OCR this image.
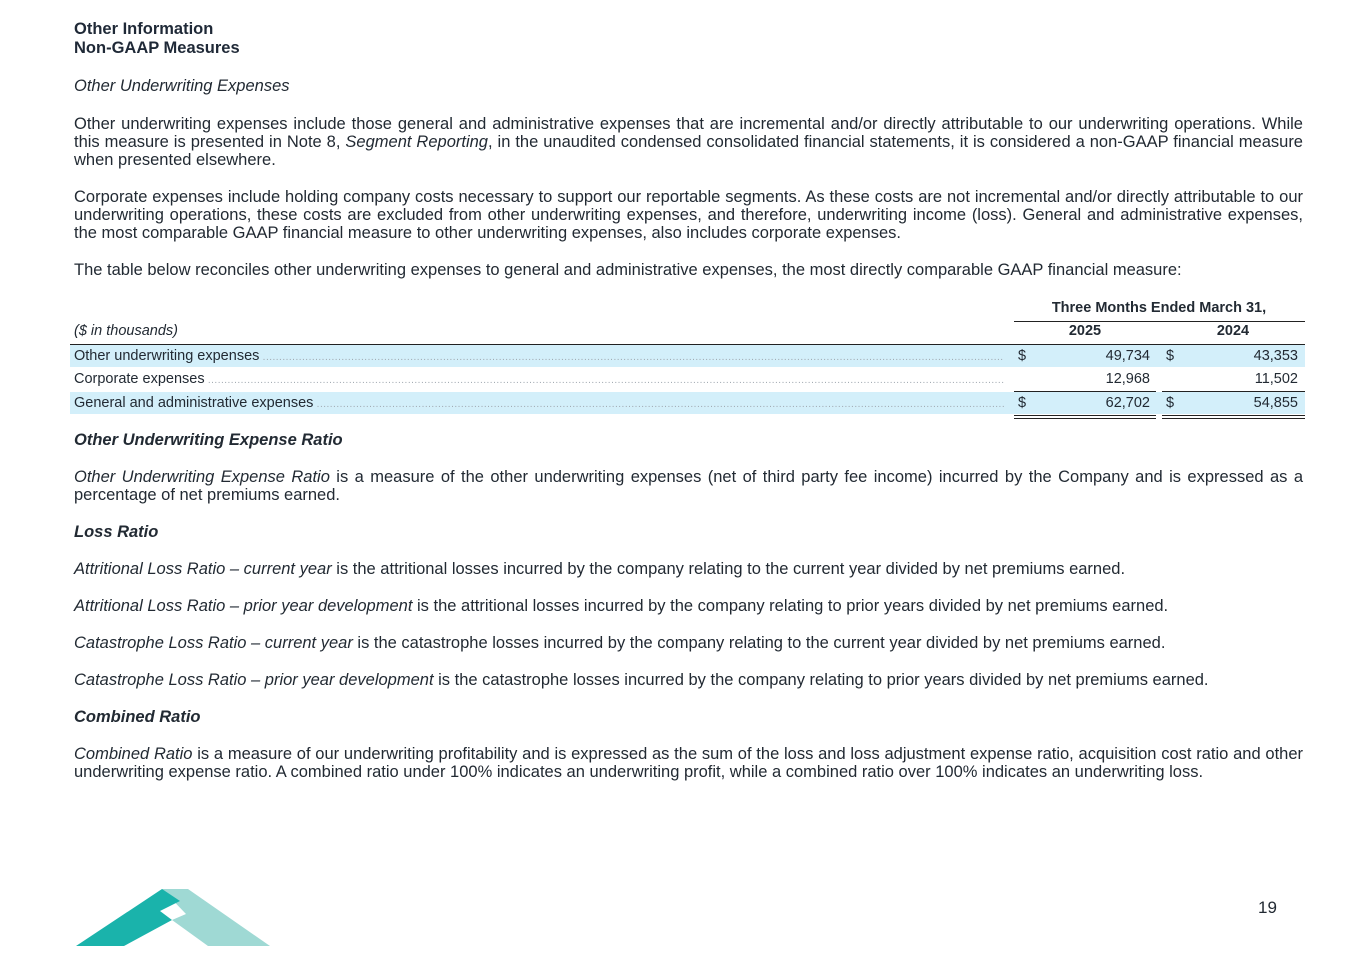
Other Information
Non-GAAP Measures

Other Underwriting Expenses

Other underwriting expenses include those general and administrative expenses that are incremental and/or directly attributable to our underwriting operations. While this measure is presented in Note 8, Segment Reporting, in the unaudited condensed consolidated financial statements, it is considered a non-GAAP financial measure when presented elsewhere.

Corporate expenses include holding company costs necessary to support our reportable segments. As these costs are not incremental and/or directly attributable to our underwriting operations, these costs are excluded from other underwriting expenses, and therefore, underwriting income (loss). General and administrative expenses, the most comparable GAAP financial measure to other underwriting expenses, also includes corporate expenses.

The table below reconciles other underwriting expenses to general and administrative expenses, the most directly comparable GAAP financial measure:

Three Months Ended March 31,
($ in thousands)	2025	2024
Other underwriting expenses .....	$	49,734 $	43,353
Corporate expenses .....	12,968	11,502
General and administrative expenses .....	$	62,702 $	54,855

Other Underwriting Expense Ratio

Other Underwriting Expense Ratio is a measure of the other underwriting expenses (net of third party fee income) incurred by the Company and is expressed as a percentage of net premiums earned.

Loss Ratio

Attritional Loss Ratio – current year is the attritional losses incurred by the company relating to the current year divided by net premiums earned.

Attritional Loss Ratio – prior year development is the attritional losses incurred by the company relating to prior years divided by net premiums earned.

Catastrophe Loss Ratio – current year is the catastrophe losses incurred by the company relating to the current year divided by net premiums earned.

Catastrophe Loss Ratio – prior year development is the catastrophe losses incurred by the company relating to prior years divided by net premiums earned.

Combined Ratio

Combined Ratio is a measure of our underwriting profitability and is expressed as the sum of the loss and loss adjustment expense ratio, acquisition cost ratio and other underwriting expense ratio. A combined ratio under 100% indicates an underwriting profit, while a combined ratio over 100% indicates an underwriting loss.

19
